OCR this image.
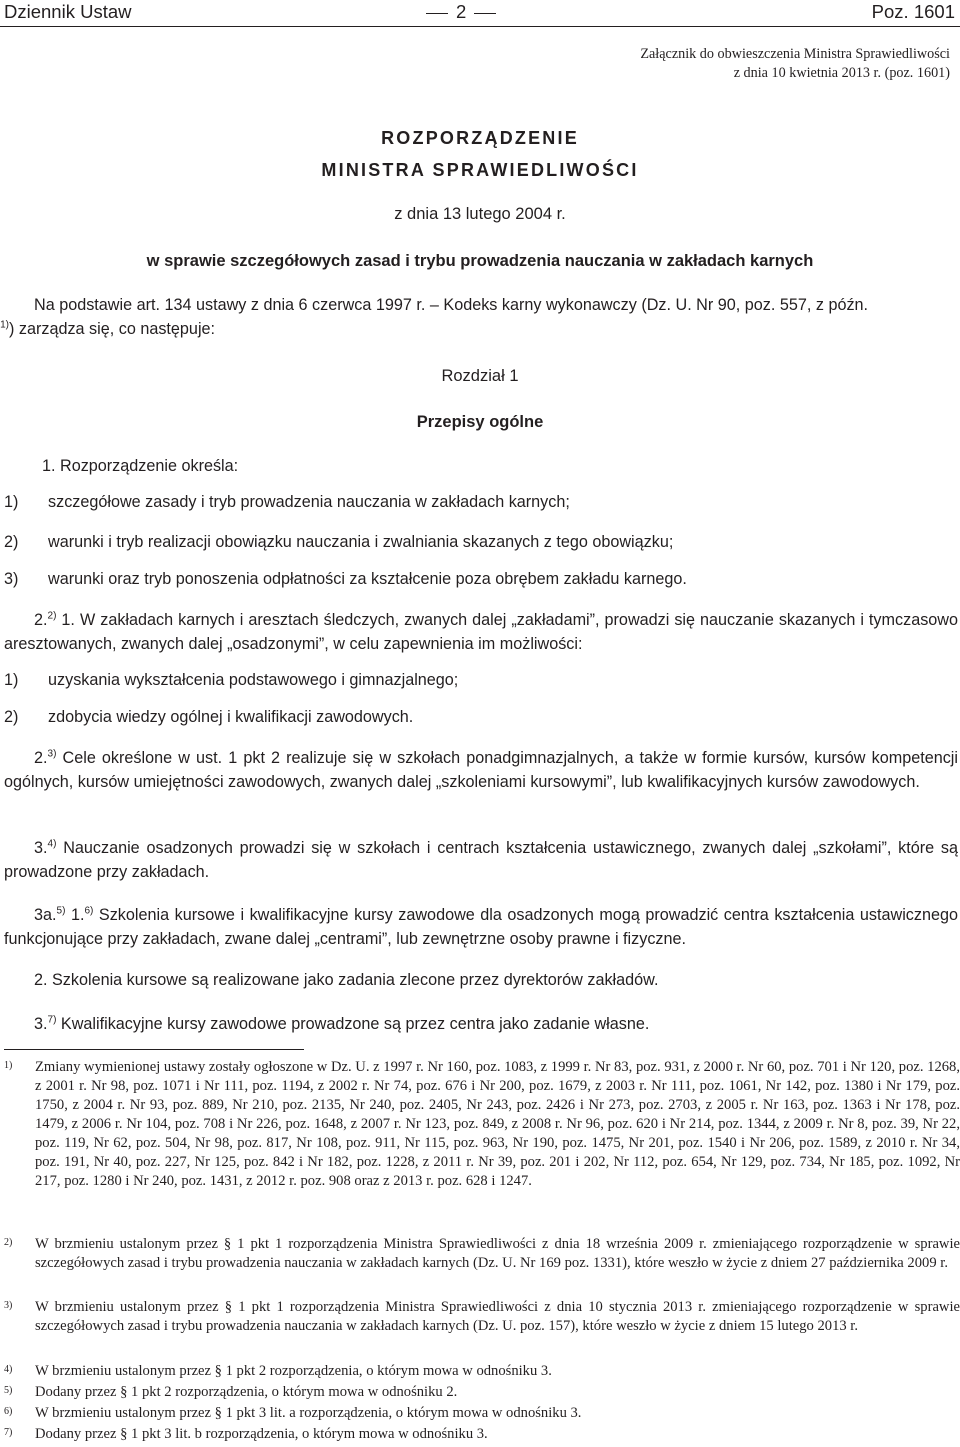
Dziennik Ustaw	2	Poz. 1601
Załącznik do obwieszczenia Ministra Sprawiedliwości
z dnia 10 kwietnia 2013 r. (poz. 1601)
ROZPORZĄDZENIE
MINISTRA SPRAWIEDLIWOŚCI
z dnia 13 lutego 2004 r.
w sprawie szczegółowych zasad i trybu prowadzenia nauczania w zakładach karnych
Na podstawie art. 134 ustawy z dnia 6 czerwca 1997 r. – Kodeks karny wykonawczy (Dz. U. Nr 90, poz. 557, z późn.
$^{1)}$) zarządza się, co następuje:
Rozdział 1
Przepisy ogólne
1. Rozporządzenie określa:
1) szczegółowe zasady i tryb prowadzenia nauczania w zakładach karnych;
2) warunki i tryb realizacji obowiązku nauczania i zwalniania skazanych z tego obowiązku;
3) warunki oraz tryb ponoszenia odpłatności za kształcenie poza obrębem zakładu karnego.
2.$^{2)}$ 1. W zakładach karnych i aresztach śledczych, zwanych dalej „zakładami”, prowadzi się nauczanie skazanych i tymczasowo aresztowanych, zwanych dalej „osadzonymi”, w celu zapewnienia im możliwości:
1) uzyskania wykształcenia podstawowego i gimnazjalnego;
2) zdobycia wiedzy ogólnej i kwalifikacji zawodowych.
2.$^{3)}$ Cele określone w ust. 1 pkt 2 realizuje się w szkołach ponadgimnazjalnych, a także w formie kursów, kursów kompetencji ogólnych, kursów umiejętności zawodowych, zwanych dalej „szkoleniami kursowymi”, lub kwalifikacyjnych kursów zawodowych.
3.$^{4)}$ Nauczanie osadzonych prowadzi się w szkołach i centrach kształcenia ustawicznego, zwanych dalej „szkołami”, które są prowadzone przy zakładach.
3a.$^{5)}$ 1.$^{6)}$ Szkolenia kursowe i kwalifikacyjne kursy zawodowe dla osadzonych mogą prowadzić centra kształcenia ustawicznego funkcjonujące przy zakładach, zwane dalej „centrami”, lub zewnętrzne osoby prawne i fizyczne.
2. Szkolenia kursowe są realizowane jako zadania zlecone przez dyrektorów zakładów.
3.$^{7)}$ Kwalifikacyjne kursy zawodowe prowadzone są przez centra jako zadanie własne.
1) Zmiany wymienionej ustawy zostały ogłoszone w Dz. U. z 1997 r. Nr 160, poz. 1083, z 1999 r. Nr 83, poz. 931, z 2000 r. Nr 60, poz. 701 i Nr 120, poz. 1268, z 2001 r. Nr 98, poz. 1071 i Nr 111, poz. 1194, z 2002 r. Nr 74, poz. 676 i Nr 200, poz. 1679, z 2003 r. Nr 111, poz. 1061, Nr 142, poz. 1380 i Nr 179, poz. 1750, z 2004 r. Nr 93, poz. 889, Nr 210, poz. 2135, Nr 240, poz. 2405, Nr 243, poz. 2426 i Nr 273, poz. 2703, z 2005 r. Nr 163, poz. 1363 i Nr 178, poz. 1479, z 2006 r. Nr 104, poz. 708 i Nr 226, poz. 1648, z 2007 r. Nr 123, poz. 849, z 2008 r. Nr 96, poz. 620 i Nr 214, poz. 1344, z 2009 r. Nr 8, poz. 39, Nr 22, poz. 119, Nr 62, poz. 504, Nr 98, poz. 817, Nr 108, poz. 911, Nr 115, poz. 963, Nr 190, poz. 1475, Nr 201, poz. 1540 i Nr 206, poz. 1589, z 2010 r. Nr 34, poz. 191, Nr 40, poz. 227, Nr 125, poz. 842 i Nr 182, poz. 1228, z 2011 r. Nr 39, poz. 201 i 202, Nr 112, poz. 654, Nr 129, poz. 734, Nr 185, poz. 1092, Nr 217, poz. 1280 i Nr 240, poz. 1431, z 2012 r. poz. 908 oraz z 2013 r. poz. 628 i 1247.
2) W brzmieniu ustalonym przez § 1 pkt 1 rozporządzenia Ministra Sprawiedliwości z dnia 18 września 2009 r. zmieniającego rozporządzenie w sprawie szczegółowych zasad i trybu prowadzenia nauczania w zakładach karnych (Dz. U. Nr 169 poz. 1331), które weszło w życie z dniem 27 października 2009 r.
3) W brzmieniu ustalonym przez § 1 pkt 1 rozporządzenia Ministra Sprawiedliwości z dnia 10 stycznia 2013 r. zmieniającego rozporządzenie w sprawie szczegółowych zasad i trybu prowadzenia nauczania w zakładach karnych (Dz. U. poz. 157), które weszło w życie z dniem 15 lutego 2013 r.
4) W brzmieniu ustalonym przez § 1 pkt 2 rozporządzenia, o którym mowa w odnośniku 3.
5) Dodany przez § 1 pkt 2 rozporządzenia, o którym mowa w odnośniku 2.
6) W brzmieniu ustalonym przez § 1 pkt 3 lit. a rozporządzenia, o którym mowa w odnośniku 3.
7) Dodany przez § 1 pkt 3 lit. b rozporządzenia, o którym mowa w odnośniku 3.
